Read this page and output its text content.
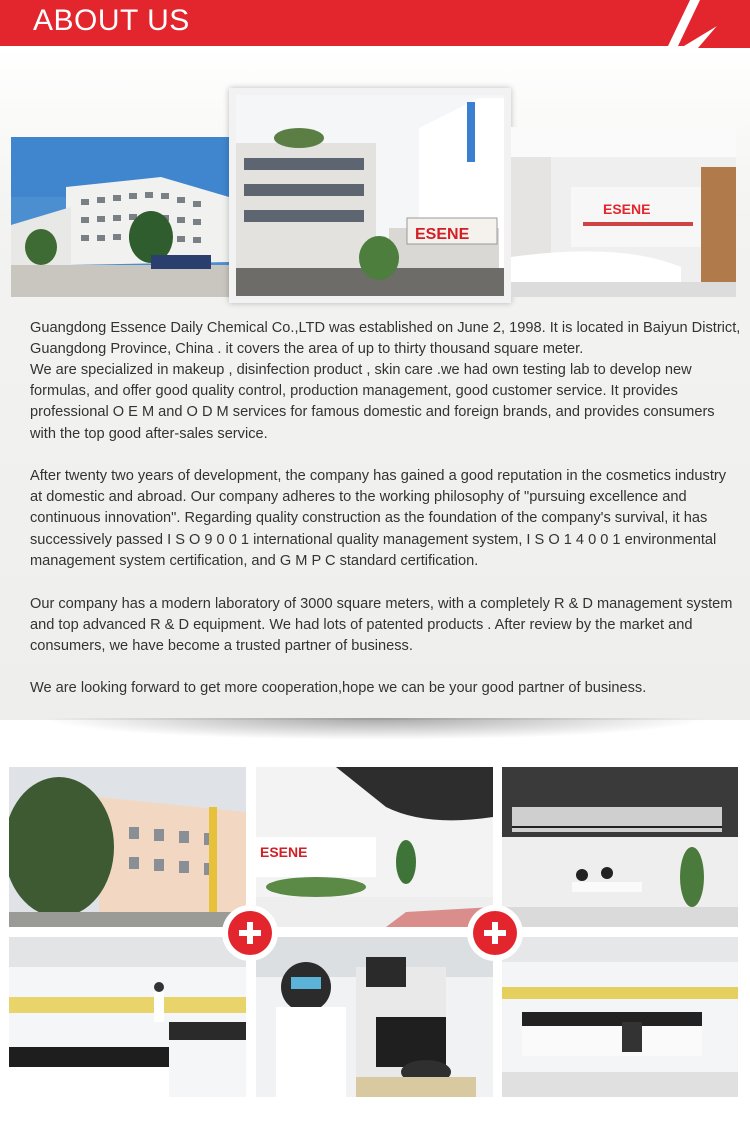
ABOUT US
ESENE
ESENE
Guangdong Essence Daily Chemical Co.,LTD was established on June 2, 1998. It is located in Baiyun District, Guangdong Province, China . it covers the area of up to thirty thousand square meter.
We are specialized in makeup , disinfection product , skin care .we had own testing lab to develop new formulas, and offer good quality control, production management, good customer service. It provides professional O E M and O D M services for famous domestic and foreign brands, and provides consumers with the top good after-sales service.
After twenty two years of development, the company has gained a good reputation in the cosmetics industry at domestic and abroad. Our company adheres to the working philosophy of "pursuing excellence and continuous innovation". Regarding quality construction as the foundation of the company's survival, it has successively passed I S O 9 0 0 1 international quality management system, I S O 1 4 0 0 1 environmental management system certification, and G M P C standard certification.
Our company has a modern laboratory of 3000 square meters, with a completely R & D management system and top advanced R & D equipment. We had lots of patented products . After review by the market and consumers, we have become a trusted partner of business.
We are looking forward to get more cooperation,hope we can be your good partner of business.
ESENE
